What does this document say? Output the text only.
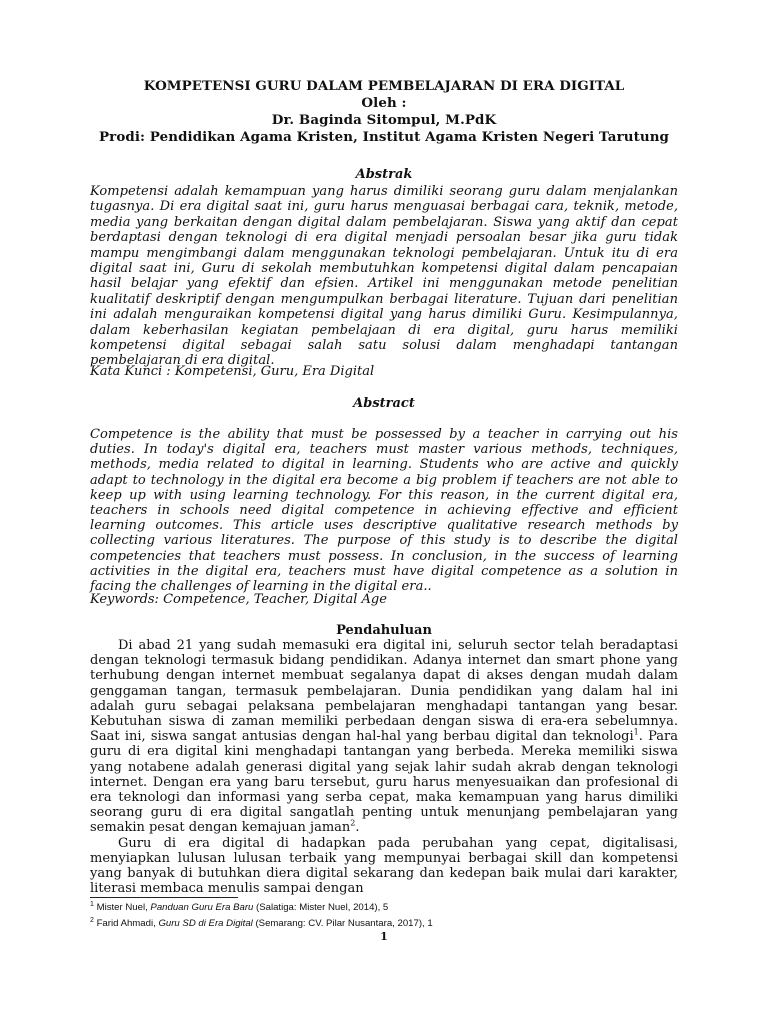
KOMPETENSI GURU DALAM PEMBELAJARAN DI ERA DIGITAL
Oleh :
Dr. Baginda Sitompul, M.PdK
Prodi: Pendidikan Agama Kristen, Institut Agama Kristen Negeri Tarutung
Abstrak
Kompetensi adalah kemampuan yang harus dimiliki seorang guru dalam menjalankan tugasnya. Di era digital saat ini, guru harus menguasai berbagai cara, teknik, metode, media yang berkaitan dengan digital dalam pembelajaran. Siswa yang aktif dan cepat berdaptasi dengan teknologi di era digital menjadi persoalan besar jika guru tidak mampu mengimbangi dalam menggunakan teknologi pembelajaran. Untuk itu di era digital saat ini, Guru di sekolah membutuhkan kompetensi digital dalam pencapaian hasil belajar yang efektif dan efsien. Artikel ini menggunakan metode penelitian kualitatif deskriptif dengan mengumpulkan berbagai literature. Tujuan dari penelitian ini adalah menguraikan kompetensi digital yang harus dimiliki Guru. Kesimpulannya, dalam keberhasilan kegiatan pembelajaan di era digital, guru harus memiliki kompetensi digital sebagai salah satu solusi dalam menghadapi tantangan pembelajaran di era digital.
Kata Kunci : Kompetensi, Guru, Era Digital
Abstract
Competence is the ability that must be possessed by a teacher in carrying out his duties. In today's digital era, teachers must master various methods, techniques, methods, media related to digital in learning. Students who are active and quickly adapt to technology in the digital era become a big problem if teachers are not able to keep up with using learning technology. For this reason, in the current digital era, teachers in schools need digital competence in achieving effective and efficient learning outcomes. This article uses descriptive qualitative research methods by collecting various literatures. The purpose of this study is to describe the digital competencies that teachers must possess. In conclusion, in the success of learning activities in the digital era, teachers must have digital competence as a solution in facing the challenges of learning in the digital era..
Keywords: Competence, Teacher, Digital Age
Pendahuluan

Di abad 21 yang sudah memasuki era digital ini, seluruh sector telah beradaptasi dengan teknologi termasuk bidang pendidikan. Adanya internet dan smart phone yang terhubung dengan internet membuat segalanya dapat di akses dengan mudah dalam genggaman tangan, termasuk pembelajaran. Dunia pendidikan yang dalam hal ini adalah guru sebagai pelaksana pembelajaran menghadapi tantangan yang besar. Kebutuhan siswa di zaman memiliki perbedaan dengan siswa di era-era sebelumnya. Saat ini, siswa sangat antusias dengan hal-hal yang berbau digital dan teknologi$^1$. Para guru di era digital kini menghadapi tantangan yang berbeda. Mereka memiliki siswa yang notabene adalah generasi digital yang sejak lahir sudah akrab dengan teknologi internet. Dengan era yang baru tersebut, guru harus menyesuaikan dan profesional di era teknologi dan informasi yang serba cepat, maka kemampuan yang harus dimiliki seorang guru di era digital sangatlah penting untuk menunjang pembelajaran yang semakin pesat dengan kemajuan jaman$^2$.

Guru di era digital di hadapkan pada perubahan yang cepat, digitalisasi, menyiapkan lulusan lulusan terbaik yang mempunyai berbagai skill dan kompetensi yang banyak di butuhkan diera digital sekarang dan kedepan baik mulai dari karakter, literasi membaca menulis sampai dengan

$^1$ Mister Nuel, Panduan Guru Era Baru (Salatiga: Mister Nuel, 2014), 5
$^2$ Farid Ahmadi, Guru SD di Era Digital (Semarang: CV. Pilar Nusantara, 2017), 1
1
